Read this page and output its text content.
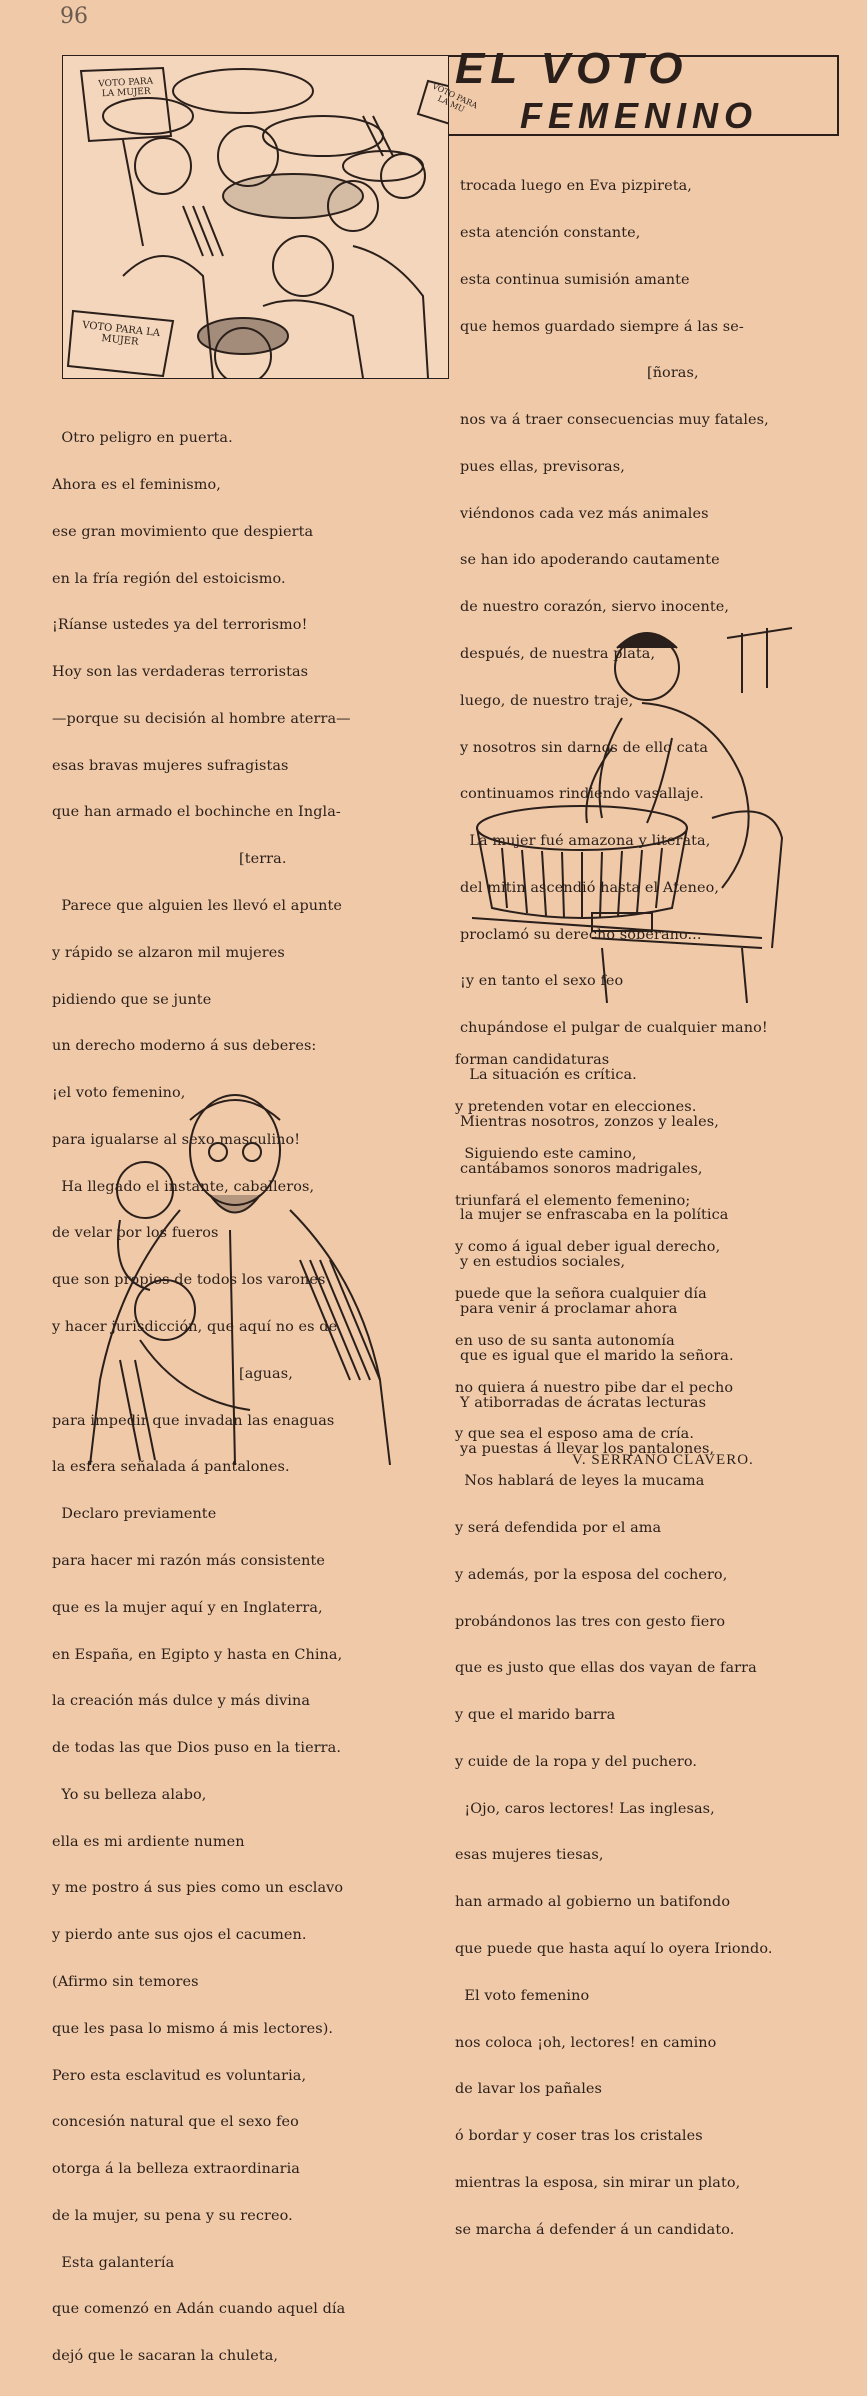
96
EL VOTO
FEMENINO
VOTO PARA LA MUJER	VOTO PARA LA MU
VOTO PARA LA MUJER

Otro peligro en puerta.

Ahora es el feminismo,

ese gran movimiento que despierta

en la fría región del estoicismo.

¡Ríanse ustedes ya del terrorismo!

Hoy son las verdaderas terroristas

—porque su decisión al hombre aterra—

esas bravas mujeres sufragistas

que han armado el bochinche en Ingla-

[terra.

Parece que alguien les llevó el apunte

y rápido se alzaron mil mujeres

pidiendo que se junte

un derecho moderno á sus deberes:

¡el voto femenino,

para igualarse al sexo masculino!

Ha llegado el instante, caballeros,

de velar por los fueros

que son propios de todos los varones

y hacer jurisdicción, que aquí no es de

[aguas,

para impedir que invadan las enaguas

la esfera señalada á pantalones.

Declaro previamente

para hacer mi razón más consistente

que es la mujer aquí y en Inglaterra,

en España, en Egipto y hasta en China,

la creación más dulce y más divina

de todas las que Dios puso en la tierra.

Yo su belleza alabo,

ella es mi ardiente numen

y me postro á sus pies como un esclavo

y pierdo ante sus ojos el cacumen.

(Afirmo sin temores

que les pasa lo mismo á mis lectores).

Pero esta esclavitud es voluntaria,

concesión natural que el sexo feo

otorga á la belleza extraordinaria

de la mujer, su pena y su recreo.

Esta galantería

que comenzó en Adán cuando aquel día

dejó que le sacaran la chuleta,

trocada luego en Eva pizpireta,

esta atención constante,

esta continua sumisión amante

que hemos guardado siempre á las se-

[ñoras,

nos va á traer consecuencias muy fatales,

pues ellas, previsoras,

viéndonos cada vez más animales

se han ido apoderando cautamente

de nuestro corazón, siervo inocente,

después, de nuestra plata,

luego, de nuestro traje,

y nosotros sin darnos de ello cata

continuamos rindiendo vasallaje.

La mujer fué amazona y literata,

del mitin ascendió hasta el Ateneo,

proclamó su derecho soberano...

¡y en tanto el sexo feo

chupándose el pulgar de cualquier mano!

La situación es crítica.

Mientras nosotros, zonzos y leales,

cantábamos sonoros madrigales,

la mujer se enfrascaba en la política

y en estudios sociales,

para venir á proclamar ahora

que es igual que el marido la señora.

Y atiborradas de ácratas lecturas

ya puestas á llevar los pantalones,

forman candidaturas

y pretenden votar en elecciones.

Siguiendo este camino,

triunfará el elemento femenino;

y como á igual deber igual derecho,

puede que la señora cualquier día

en uso de su santa autonomía

no quiera á nuestro pibe dar el pecho

y que sea el esposo ama de cría.

Nos hablará de leyes la mucama

y será defendida por el ama

y además, por la esposa del cochero,

probándonos las tres con gesto fiero

que es justo que ellas dos vayan de farra

y que el marido barra

y cuide de la ropa y del puchero.

¡Ojo, caros lectores! Las inglesas,

esas mujeres tiesas,

han armado al gobierno un batifondo

que puede que hasta aquí lo oyera Iriondo.

El voto femenino

nos coloca ¡oh, lectores! en camino

de lavar los pañales

ó bordar y coser tras los cristales

mientras la esposa, sin mirar un plato,

se marcha á defender á un candidato.

V. SERRANO CLAVERO.
